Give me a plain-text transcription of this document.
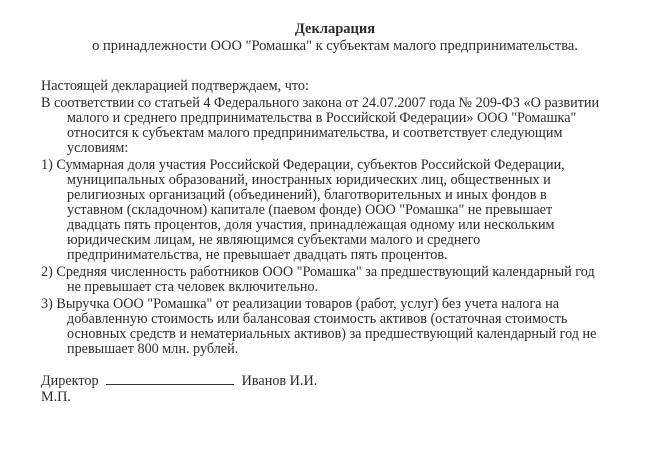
Декларация
о принадлежности ООО "Ромашка" к субъектам малого предпринимательства.
Настоящей декларацией подтверждаем, что:
В соответствии со статьей 4 Федерального закона от 24.07.2007 года № 209-ФЗ «О развитии
малого и среднего предпринимательства в Российской Федерации» ООО "Ромашка"
относится к субъектам малого предпринимательства, и соответствует следующим
условиям:
1) Суммарная доля участия Российской Федерации, субъектов Российской Федерации,
муниципальных образований, иностранных юридических лиц, общественных и
религиозных организаций (объединений), благотворительных и иных фондов в
уставном (складочном) капитале (паевом фонде) ООО "Ромашка" не превышает
двадцать пять процентов, доля участия, принадлежащая одному или нескольким
юридическим лицам, не являющимся субъектами малого и среднего
предпринимательства, не превышает двадцать пять процентов.
2) Средняя численность работников ООО "Ромашка" за предшествующий календарный год
не превышает ста человек включительно.
3) Выручка ООО "Ромашка" от реализации товаров (работ, услуг) без учета налога на
добавленную стоимость или балансовая стоимость активов (остаточная стоимость
основных средств и нематериальных активов) за предшествующий календарный год не
превышает 800 млн. рублей.
Директор	Иванов И.И.
М.П.
